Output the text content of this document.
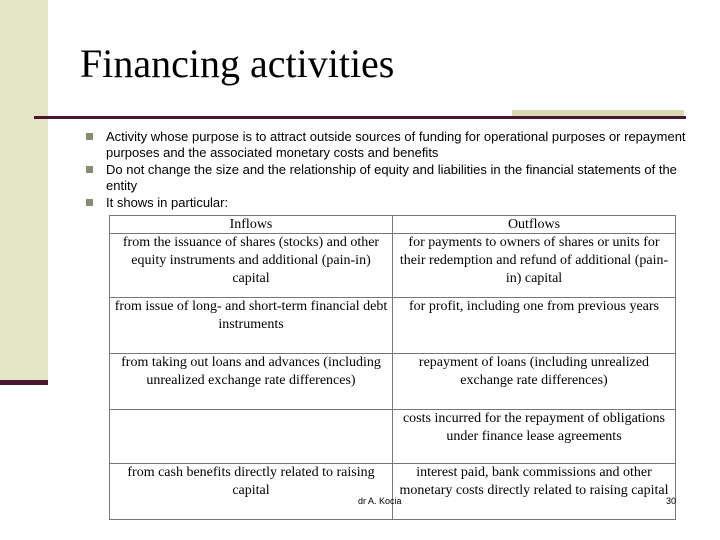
Financing activities
Activity whose purpose is to attract outside sources of funding for operational purposes or repayment purposes and the associated monetary costs and benefits
Do not change the size and the relationship of equity and liabilities in the financial statements of the entity
It shows in particular:
Inflows	Outflows
from the issuance of shares (stocks) and other equity instruments and additional (pain-in) capital	for payments to owners of shares or units for their redemption and refund of additional (pain-in) capital
from issue of long- and short-term financial debt instruments	for profit, including one from previous years
from taking out loans and advances (including unrealized exchange rate differences)	repayment of loans (including unrealized exchange rate differences)
	costs incurred for the repayment of obligations under finance lease agreements
from cash benefits directly related to raising capital	interest paid, bank commissions and other monetary costs directly related to raising capital
dr A. Kocia	30
